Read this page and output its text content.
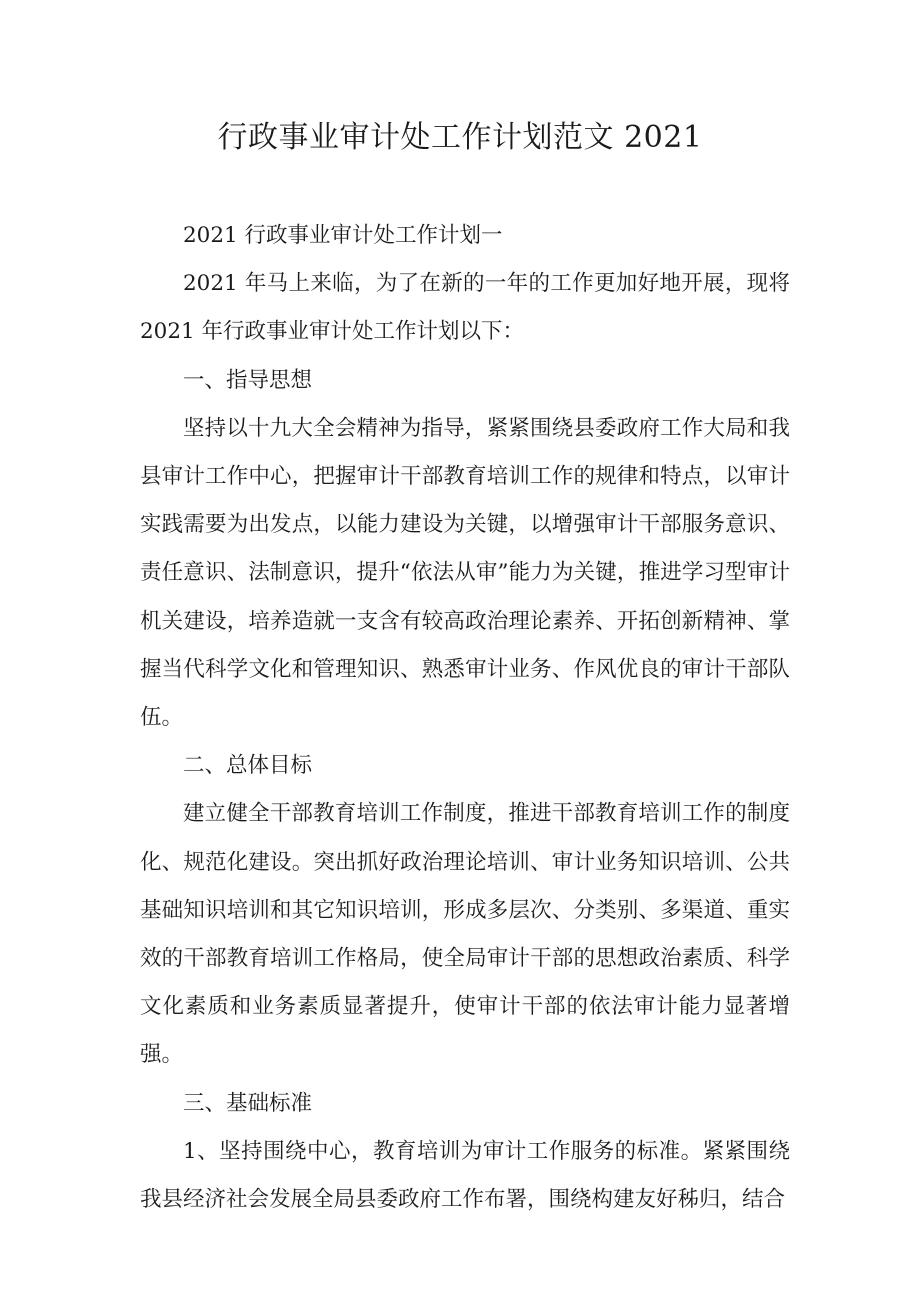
行政事业审计处工作计划范文 2021

2021 行政事业审计处工作计划一

2021 年马上来临，为了在新的一年的工作更加好地开展，现将 2021 年行政事业审计处工作计划以下：

一、指导思想

坚持以十九大全会精神为指导，紧紧围绕县委政府工作大局和我县审计工作中心，把握审计干部教育培训工作的规律和特点，以审计实践需要为出发点，以能力建设为关键，以增强审计干部服务意识、责任意识、法制意识，提升“依法从审”能力为关键，推进学习型审计机关建设，培养造就一支含有较高政治理论素养、开拓创新精神、掌握当代科学文化和管理知识、熟悉审计业务、作风优良的审计干部队伍。

二、总体目标

建立健全干部教育培训工作制度，推进干部教育培训工作的制度化、规范化建设。突出抓好政治理论培训、审计业务知识培训、公共基础知识培训和其它知识培训，形成多层次、分类别、多渠道、重实效的干部教育培训工作格局，使全局审计干部的思想政治素质、科学文化素质和业务素质显著提升，使审计干部的依法审计能力显著增强。

三、基础标准

1、坚持围绕中心，教育培训为审计工作服务的标准。紧紧围绕我县经济社会发展全局县委政府工作布署，围绕构建友好秭归，结合
